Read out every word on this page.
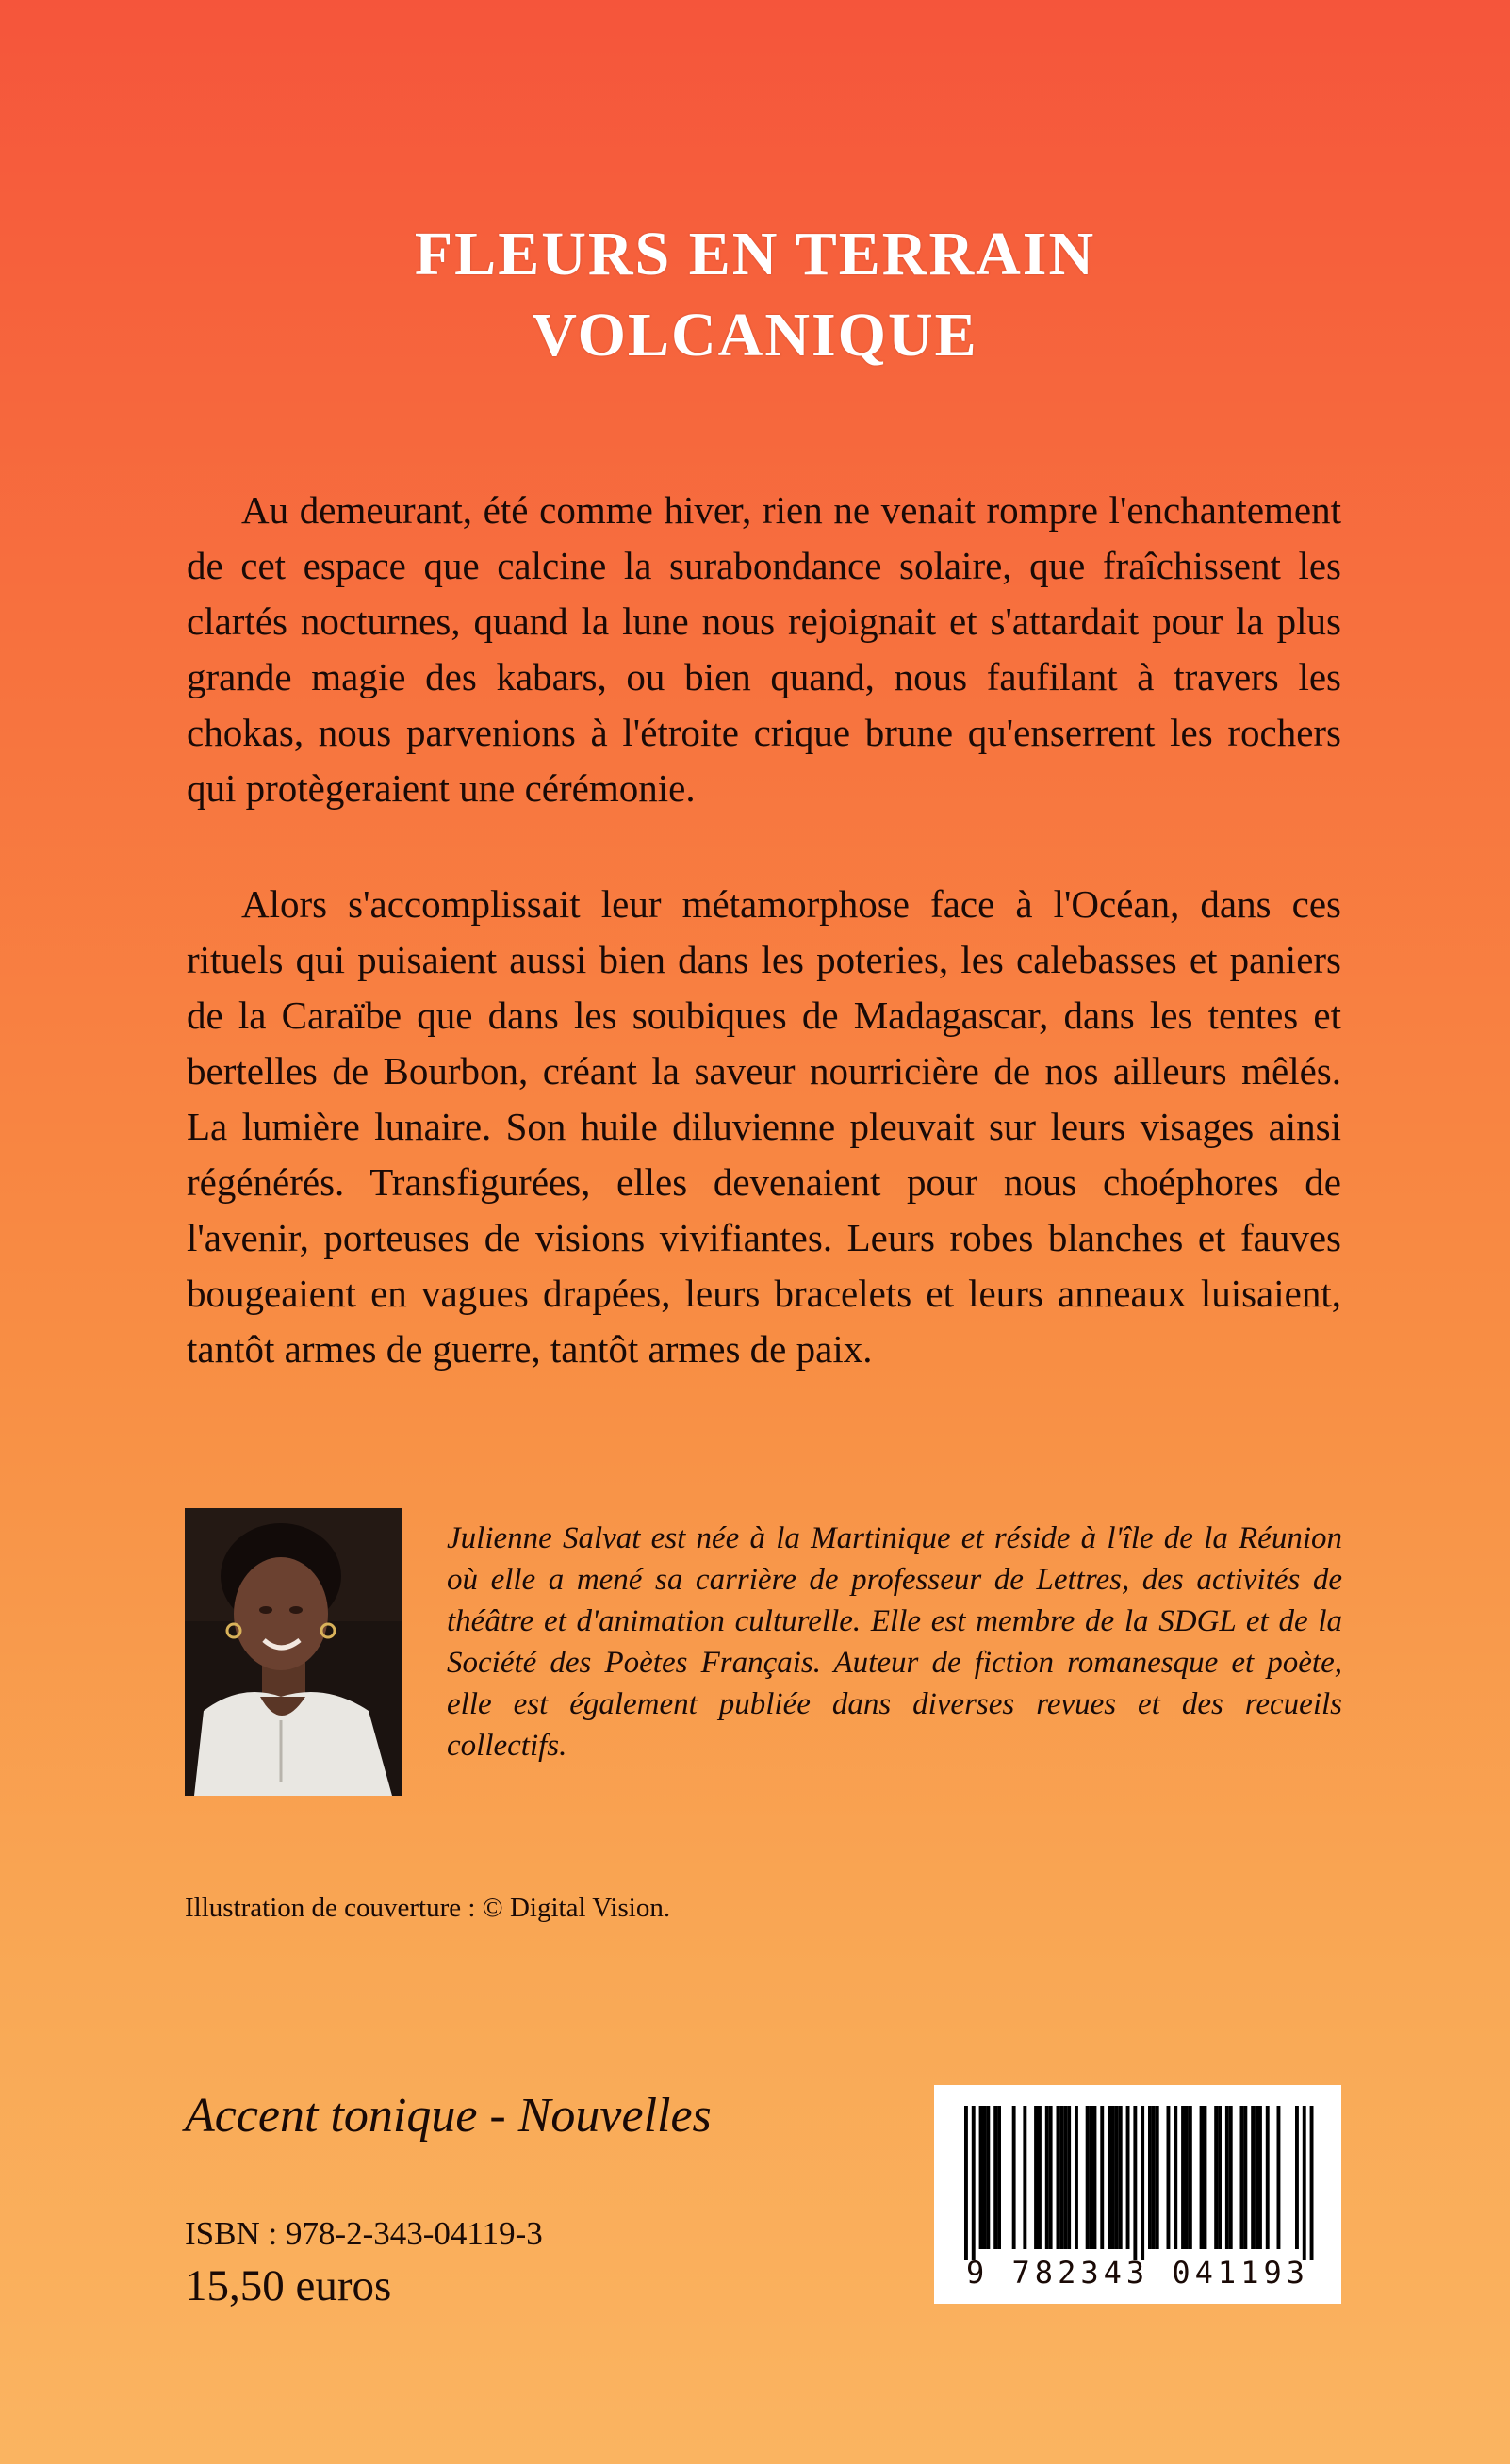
FLEURS EN TERRAIN
VOLCANIQUE

Au demeurant, été comme hiver, rien ne venait rompre l'enchantement de cet espace que calcine la surabondance solaire, que fraîchissent les clartés nocturnes, quand la lune nous rejoignait et s'attardait pour la plus grande magie des kabars, ou bien quand, nous faufilant à travers les chokas, nous parvenions à l'étroite crique brune qu'enserrent les rochers qui protègeraient une cérémonie.

Alors s'accomplissait leur métamorphose face à l'Océan, dans ces rituels qui puisaient aussi bien dans les poteries, les calebasses et paniers de la Caraïbe que dans les soubiques de Madagascar, dans les tentes et bertelles de Bourbon, créant la saveur nourricière de nos ailleurs mêlés. La lumière lunaire. Son huile diluvienne pleuvait sur leurs visages ainsi régénérés. Transfigurées, elles devenaient pour nous choéphores de l'avenir, porteuses de visions vivifiantes. Leurs robes blanches et fauves bougeaient en vagues drapées, leurs bracelets et leurs anneaux luisaient, tantôt armes de guerre, tantôt armes de paix.

Julienne Salvat est née à la Martinique et réside à l'île de la Réunion où elle a mené sa carrière de professeur de Lettres, des activités de théâtre et d'animation culturelle. Elle est membre de la SDGL et de la Société des Poètes Français. Auteur de fiction romanesque et poète, elle est également publiée dans diverses revues et des recueils collectifs.

Illustration de couverture : © Digital Vision.
Accent tonique - Nouvelles
ISBN : 978-2-343-04119-3
15,50 euros	9 782343 041193
